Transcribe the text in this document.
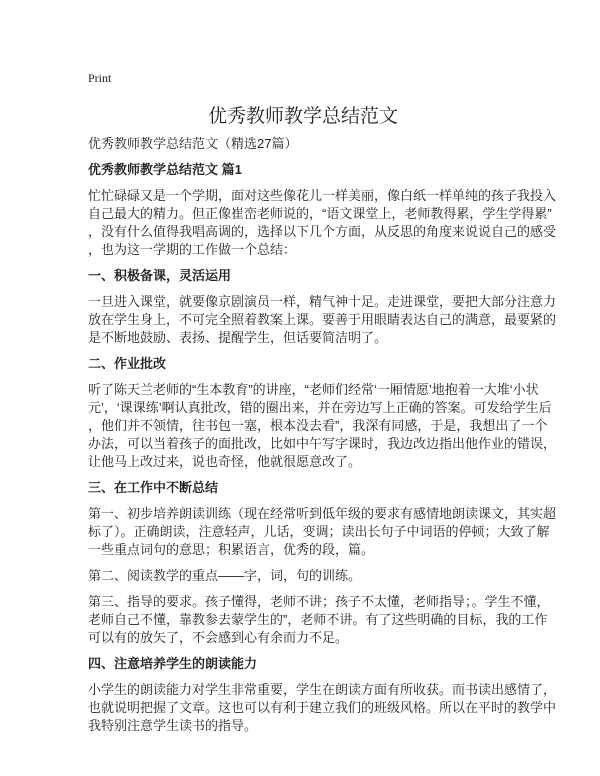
Print
优秀教师教学总结范文
优秀教师教学总结范文（精选27篇）
优秀教师教学总结范文 篇1
忙忙碌碌又是一个学期，面对这些像花儿一样美丽，像白纸一样单纯的孩子我投入
自己最大的精力。但正像崔峦老师说的，“语文课堂上，老师教得累，学生学得累”
，没有什么值得我唱高调的，选择以下几个方面，从反思的角度来说说自己的感受
，也为这一学期的工作做一个总结：
一、积极备课，灵活运用
一旦进入课堂，就要像京剧演员一样，精气神十足。走进课堂，要把大部分注意力
放在学生身上，不可完全照着教案上课。要善于用眼睛表达自己的满意，最要紧的
是不断地鼓励、表扬、提醒学生，但话要简洁明了。
二、作业批改
听了陈天兰老师的“生本教育”的讲座，“老师们经常‘一厢情愿’地抱着一大堆‘小状
元’，‘课课练’啊认真批改，错的圈出来，并在旁边写上正确的答案。可发给学生后
，他们并不领情，往书包一塞，根本没去看”，我深有同感，于是，我想出了一个
办法，可以当着孩子的面批改，比如中午写字课时，我边改边指出他作业的错误，
让他马上改过来，说也奇怪，他就很愿意改了。
三、在工作中不断总结
第一、初步培养朗读训练（现在经常听到低年级的要求有感情地朗读课文，其实超
标了）。正确朗读，注意轻声，儿话，变调；读出长句子中词语的停顿；大致了解
一些重点词句的意思；积累语言，优秀的段，篇。
第二、阅读教学的重点——字，词，句的训练。
第三、指导的要求。孩子懂得，老师不讲；孩子不太懂，老师指导；。学生不懂，
老师自己不懂，靠教参去蒙学生的”，老师不讲。有了这些明确的目标，我的工作
可以有的放矢了，不会感到心有余而力不足。
四、注意培养学生的朗读能力
小学生的朗读能力对学生非常重要，学生在朗读方面有所收获。而书读出感情了，
也就说明把握了文章。这也可以有利于建立我们的班级风格。所以在平时的教学中
我特别注意学生读书的指导。
